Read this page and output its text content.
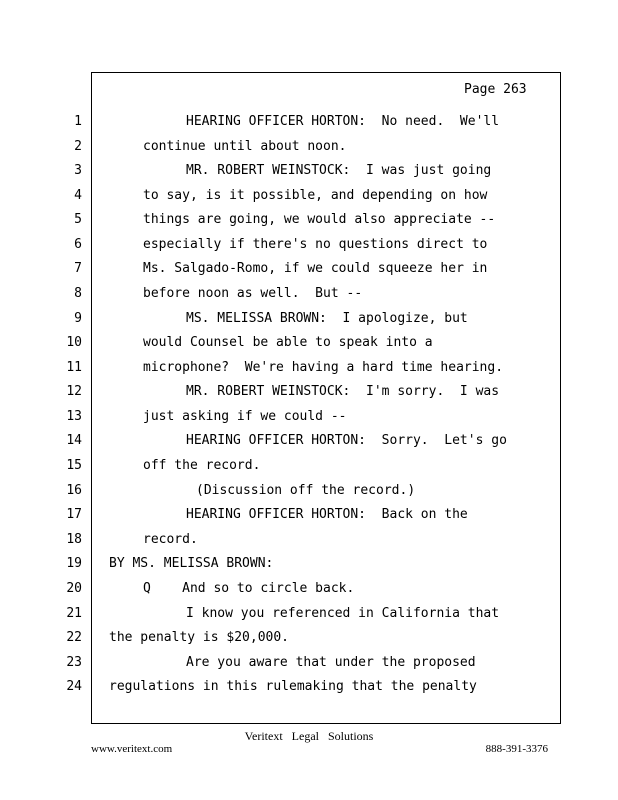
Page 263
1	HEARING OFFICER HORTON:  No need.  We'll
2	continue until about noon.
3	MR. ROBERT WEINSTOCK:  I was just going
4	to say, is it possible, and depending on how
5	things are going, we would also appreciate --
6	especially if there's no questions direct to
7	Ms. Salgado-Romo, if we could squeeze her in
8	before noon as well.  But --
9	MS. MELISSA BROWN:  I apologize, but
10	would Counsel be able to speak into a
11	microphone?  We're having a hard time hearing.
12	MR. ROBERT WEINSTOCK:  I'm sorry.  I was
13	just asking if we could --
14	HEARING OFFICER HORTON:  Sorry.  Let's go
15	off the record.
16	(Discussion off the record.)
17	HEARING OFFICER HORTON:  Back on the
18	record.
19 BY MS. MELISSA BROWN:
20	Q    And so to circle back.
21	I know you referenced in California that
22 the penalty is $20,000.
23	Are you aware that under the proposed
24 regulations in this rulemaking that the penalty
Veritext Legal Solutions
www.veritext.com	888-391-3376
